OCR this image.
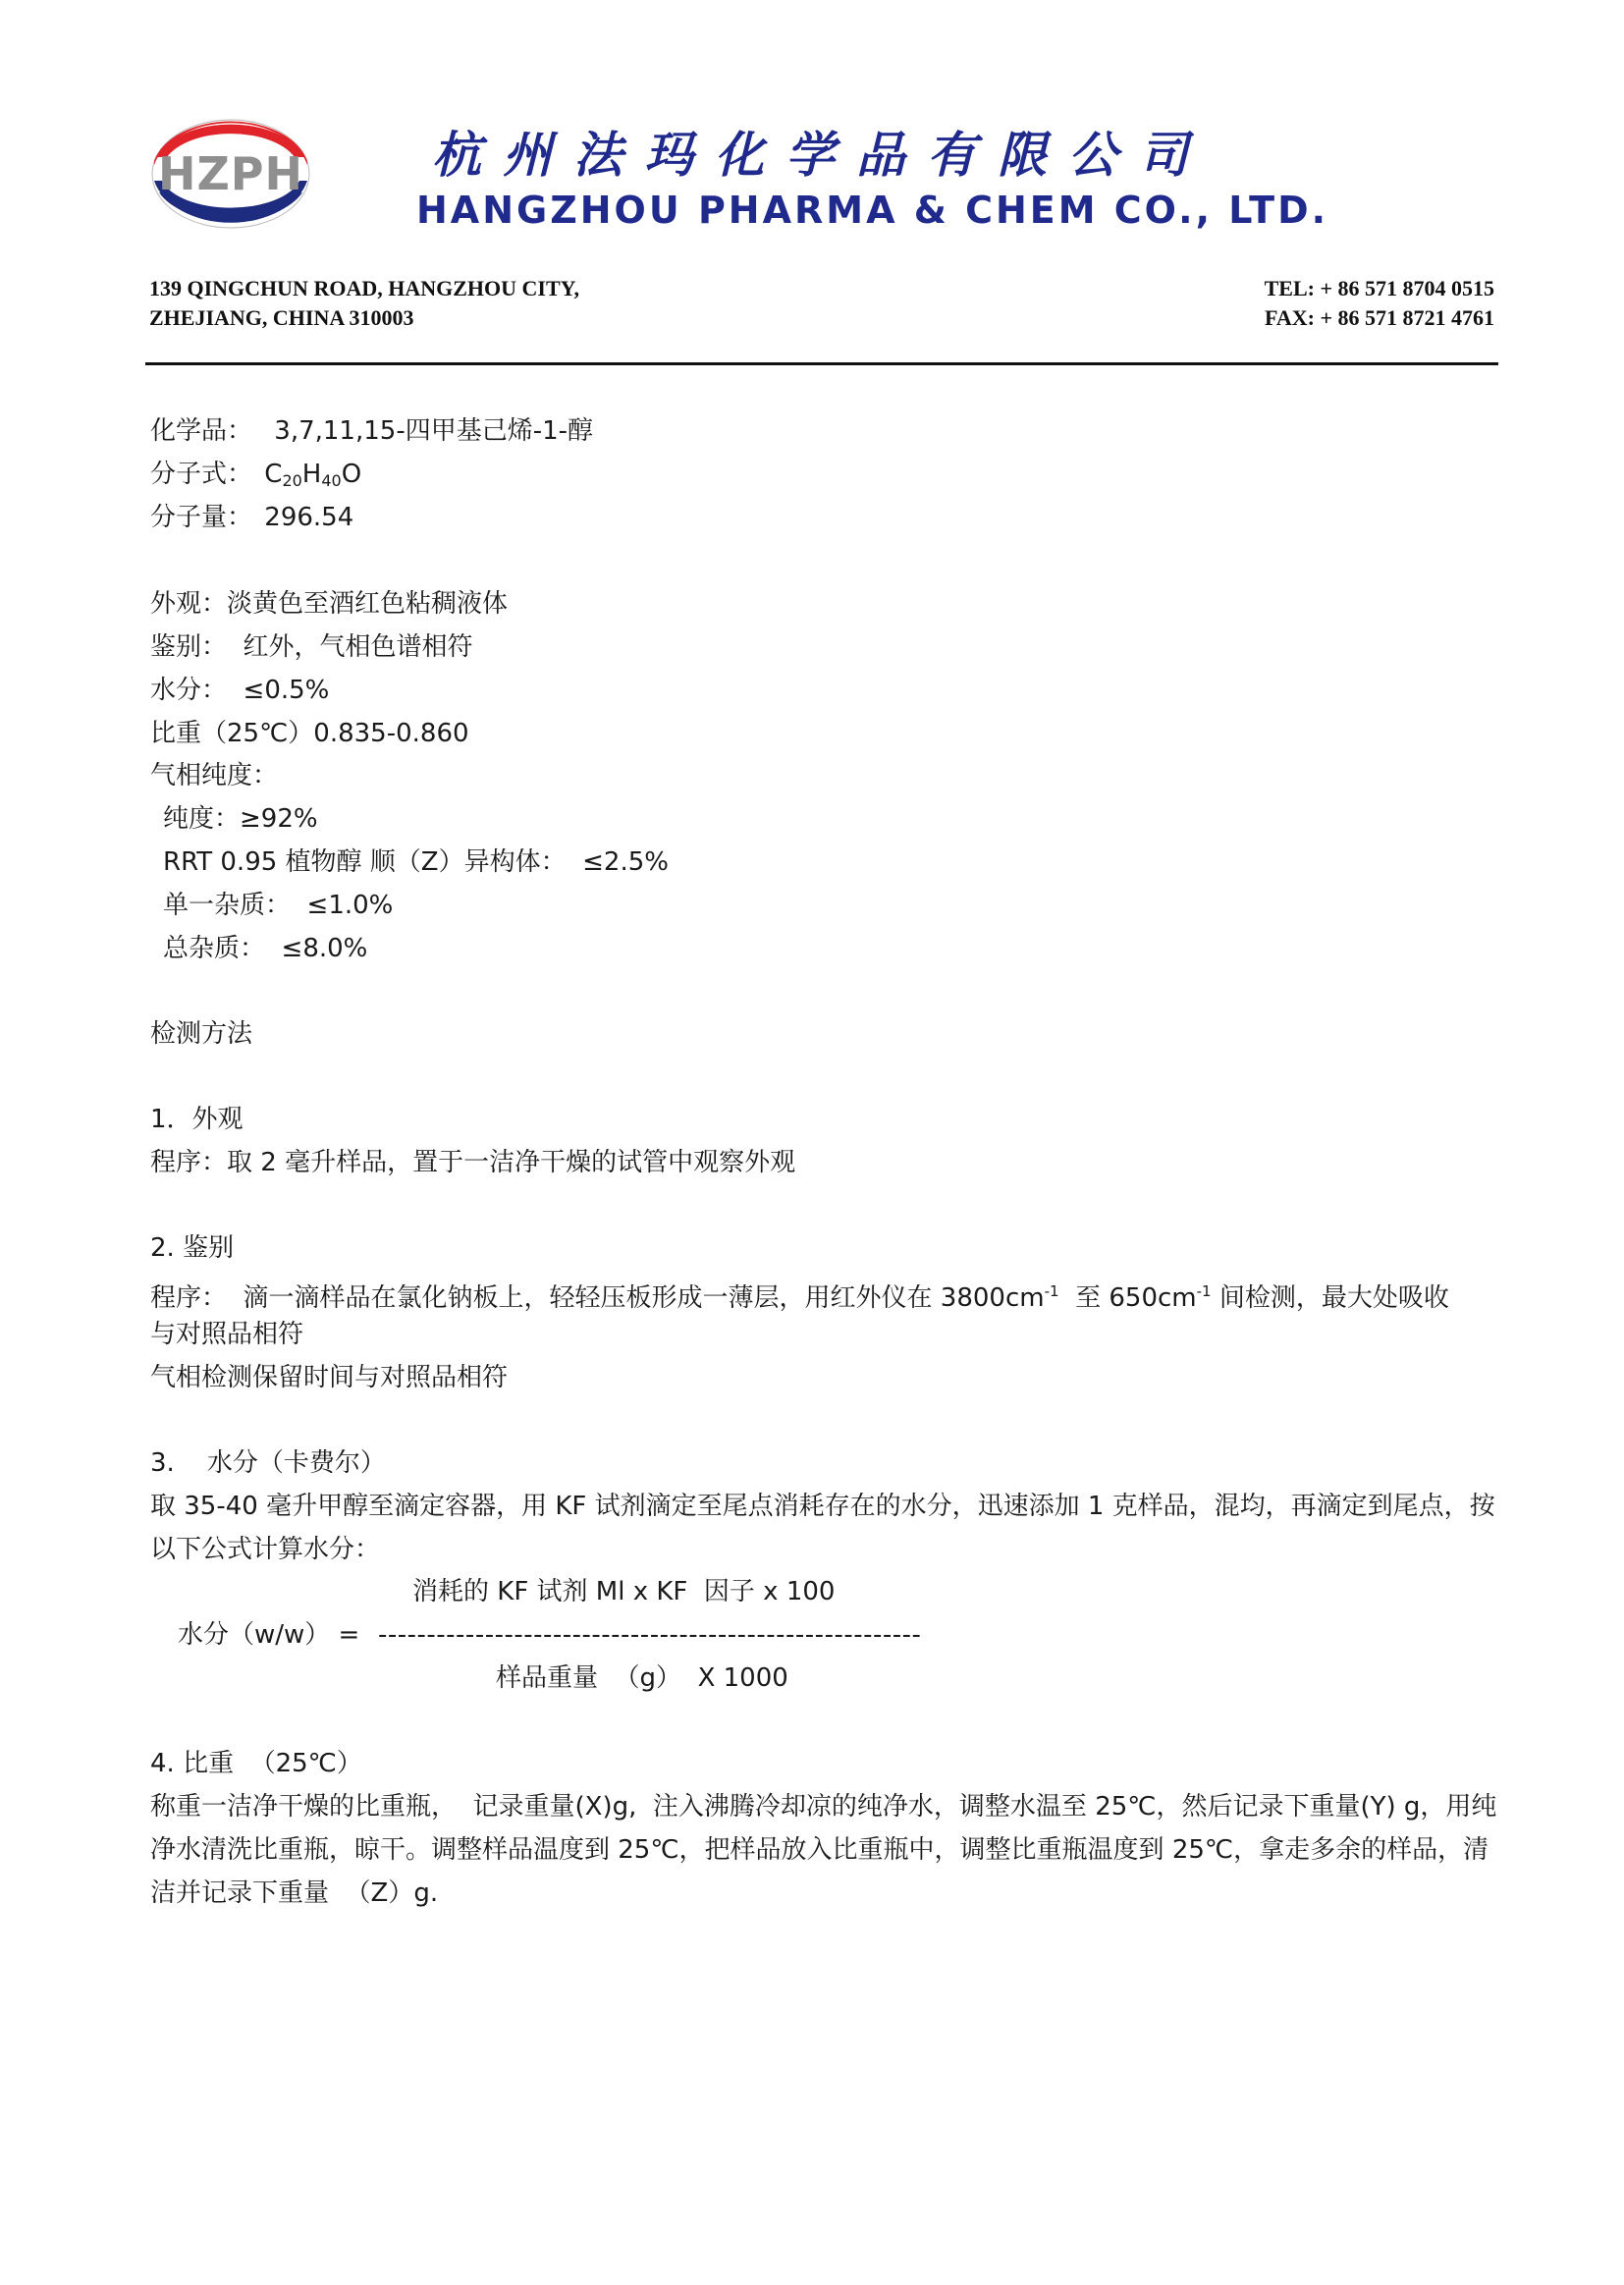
HZPH	杭州法玛化学品有限公司
HANGZHOU PHARMA & CHEM CO., LTD.
139 QINGCHUN ROAD, HANGZHOU CITY,
ZHEJIANG, CHINA 310003
TEL: + 86 571 8704 0515
FAX: + 86 571 8721 4761
化学品： 3,7,11,15-四甲基己烯-1-醇
分子式： $C_{20}H_{40}O$
分子量： 296.54
外观：淡黄色至酒红色粘稠液体
鉴别：  红外，气相色谱相符
水分：  ≤0.5%
比重（25℃）0.835-0.860
气相纯度：
纯度：≥92%
RRT 0.95 植物醇 顺（Z）异构体：  ≤2.5%
单一杂质：  ≤1.0%
总杂质：  ≤8.0%
检测方法
1．外观
程序：取 2 毫升样品，置于一洁净干燥的试管中观察外观
2. 鉴别
程序：  滴一滴样品在氯化钠板上，轻轻压板形成一薄层，用红外仪在 $3800cm^{-1}$  至 $650cm^{-1}$ 间检测，最大处吸收
与对照品相符
气相检测保留时间与对照品相符
3.    水分（卡费尔）
取 35-40 毫升甲醇至滴定容器，用 KF 试剂滴定至尾点消耗存在的水分，迅速添加 1 克样品，混均，再滴定到尾点，按以下公式计算水分：
消耗的 KF 试剂 Ml x KF  因子 x 100
水分（w/w） = --------------------------------------------------------
样品重量  （g）  X 1000
4. 比重  （25℃）
称重一洁净干燥的比重瓶，  记录重量(X)g,  注入沸腾冷却凉的纯净水，调整水温至 25℃，然后记录下重量(Y) g，用纯净水清洗比重瓶，晾干。调整样品温度到 25℃，把样品放入比重瓶中，调整比重瓶温度到 25℃，拿走多余的样品，清洁并记录下重量  （Z）g.
